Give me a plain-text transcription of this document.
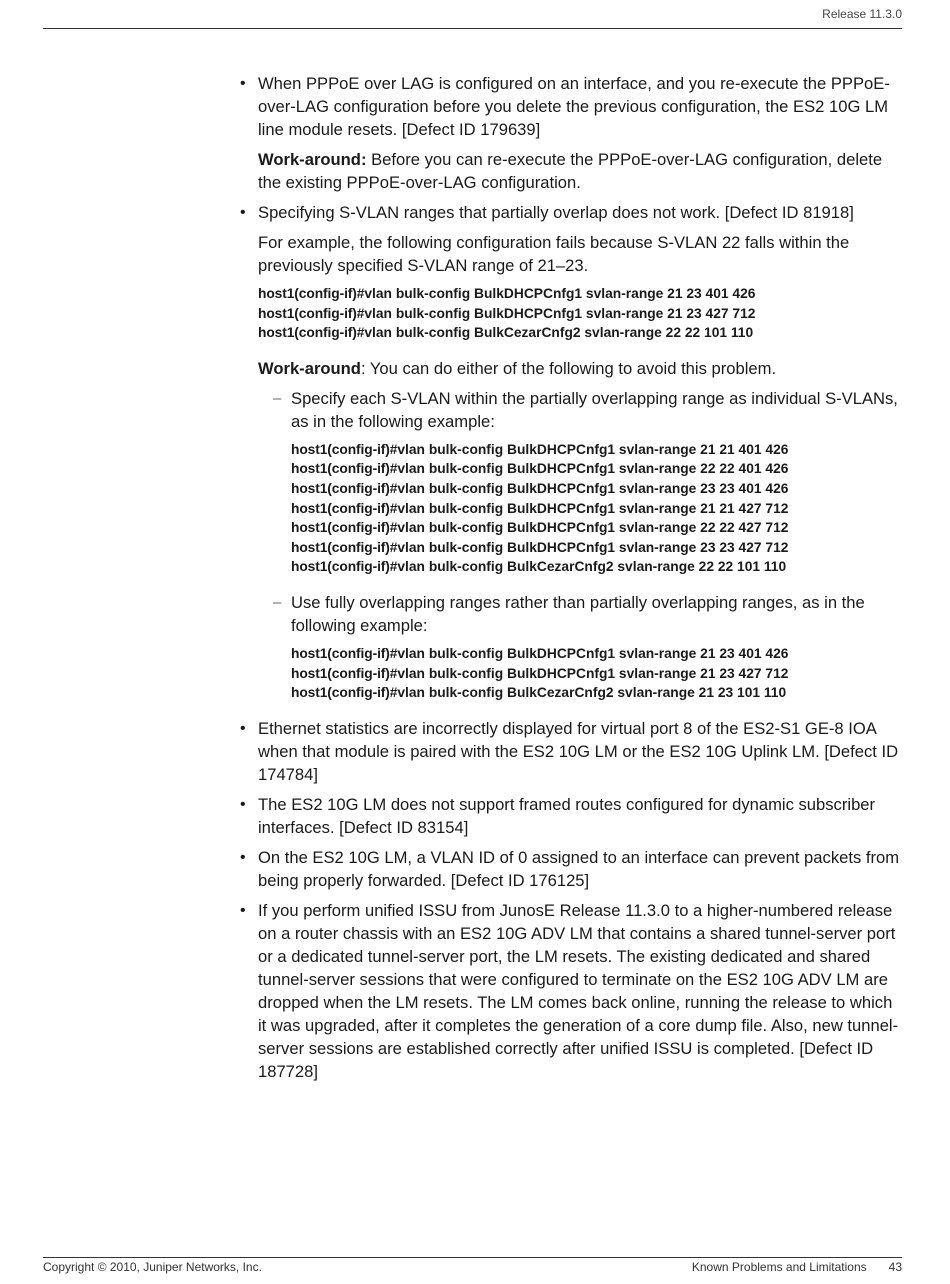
Release 11.3.0

• When PPPoE over LAG is configured on an interface, and you re-execute the PPPoE-over-LAG configuration before you delete the previous configuration, the ES2 10G LM line module resets. [Defect ID 179639]

Work-around: Before you can re-execute the PPPoE-over-LAG configuration, delete the existing PPPoE-over-LAG configuration.

• Specifying S-VLAN ranges that partially overlap does not work. [Defect ID 81918]

For example, the following configuration fails because S-VLAN 22 falls within the previously specified S-VLAN range of 21–23.

host1(config-if)#vlan bulk-config BulkDHCPCnfg1 svlan-range 21 23 401 426
host1(config-if)#vlan bulk-config BulkDHCPCnfg1 svlan-range 21 23 427 712
host1(config-if)#vlan bulk-config BulkCezarCnfg2 svlan-range 22 22 101 110

Work-around: You can do either of the following to avoid this problem.

– Specify each S-VLAN within the partially overlapping range as individual S-VLANs, as in the following example:

host1(config-if)#vlan bulk-config BulkDHCPCnfg1 svlan-range 21 21 401 426
host1(config-if)#vlan bulk-config BulkDHCPCnfg1 svlan-range 22 22 401 426
host1(config-if)#vlan bulk-config BulkDHCPCnfg1 svlan-range 23 23 401 426
host1(config-if)#vlan bulk-config BulkDHCPCnfg1 svlan-range 21 21 427 712
host1(config-if)#vlan bulk-config BulkDHCPCnfg1 svlan-range 22 22 427 712
host1(config-if)#vlan bulk-config BulkDHCPCnfg1 svlan-range 23 23 427 712
host1(config-if)#vlan bulk-config BulkCezarCnfg2 svlan-range 22 22 101 110

– Use fully overlapping ranges rather than partially overlapping ranges, as in the following example:

host1(config-if)#vlan bulk-config BulkDHCPCnfg1 svlan-range 21 23 401 426
host1(config-if)#vlan bulk-config BulkDHCPCnfg1 svlan-range 21 23 427 712
host1(config-if)#vlan bulk-config BulkCezarCnfg2 svlan-range 21 23 101 110

• Ethernet statistics are incorrectly displayed for virtual port 8 of the ES2-S1 GE-8 IOA when that module is paired with the ES2 10G LM or the ES2 10G Uplink LM. [Defect ID 174784]

• The ES2 10G LM does not support framed routes configured for dynamic subscriber interfaces. [Defect ID 83154]

• On the ES2 10G LM, a VLAN ID of 0 assigned to an interface can prevent packets from being properly forwarded. [Defect ID 176125]

• If you perform unified ISSU from JunosE Release 11.3.0 to a higher-numbered release on a router chassis with an ES2 10G ADV LM that contains a shared tunnel-server port or a dedicated tunnel-server port, the LM resets. The existing dedicated and shared tunnel-server sessions that were configured to terminate on the ES2 10G ADV LM are dropped when the LM resets. The LM comes back online, running the release to which it was upgraded, after it completes the generation of a core dump file. Also, new tunnel-server sessions are established correctly after unified ISSU is completed. [Defect ID 187728]

Copyright © 2010, Juniper Networks, Inc.	Known Problems and Limitations 43
